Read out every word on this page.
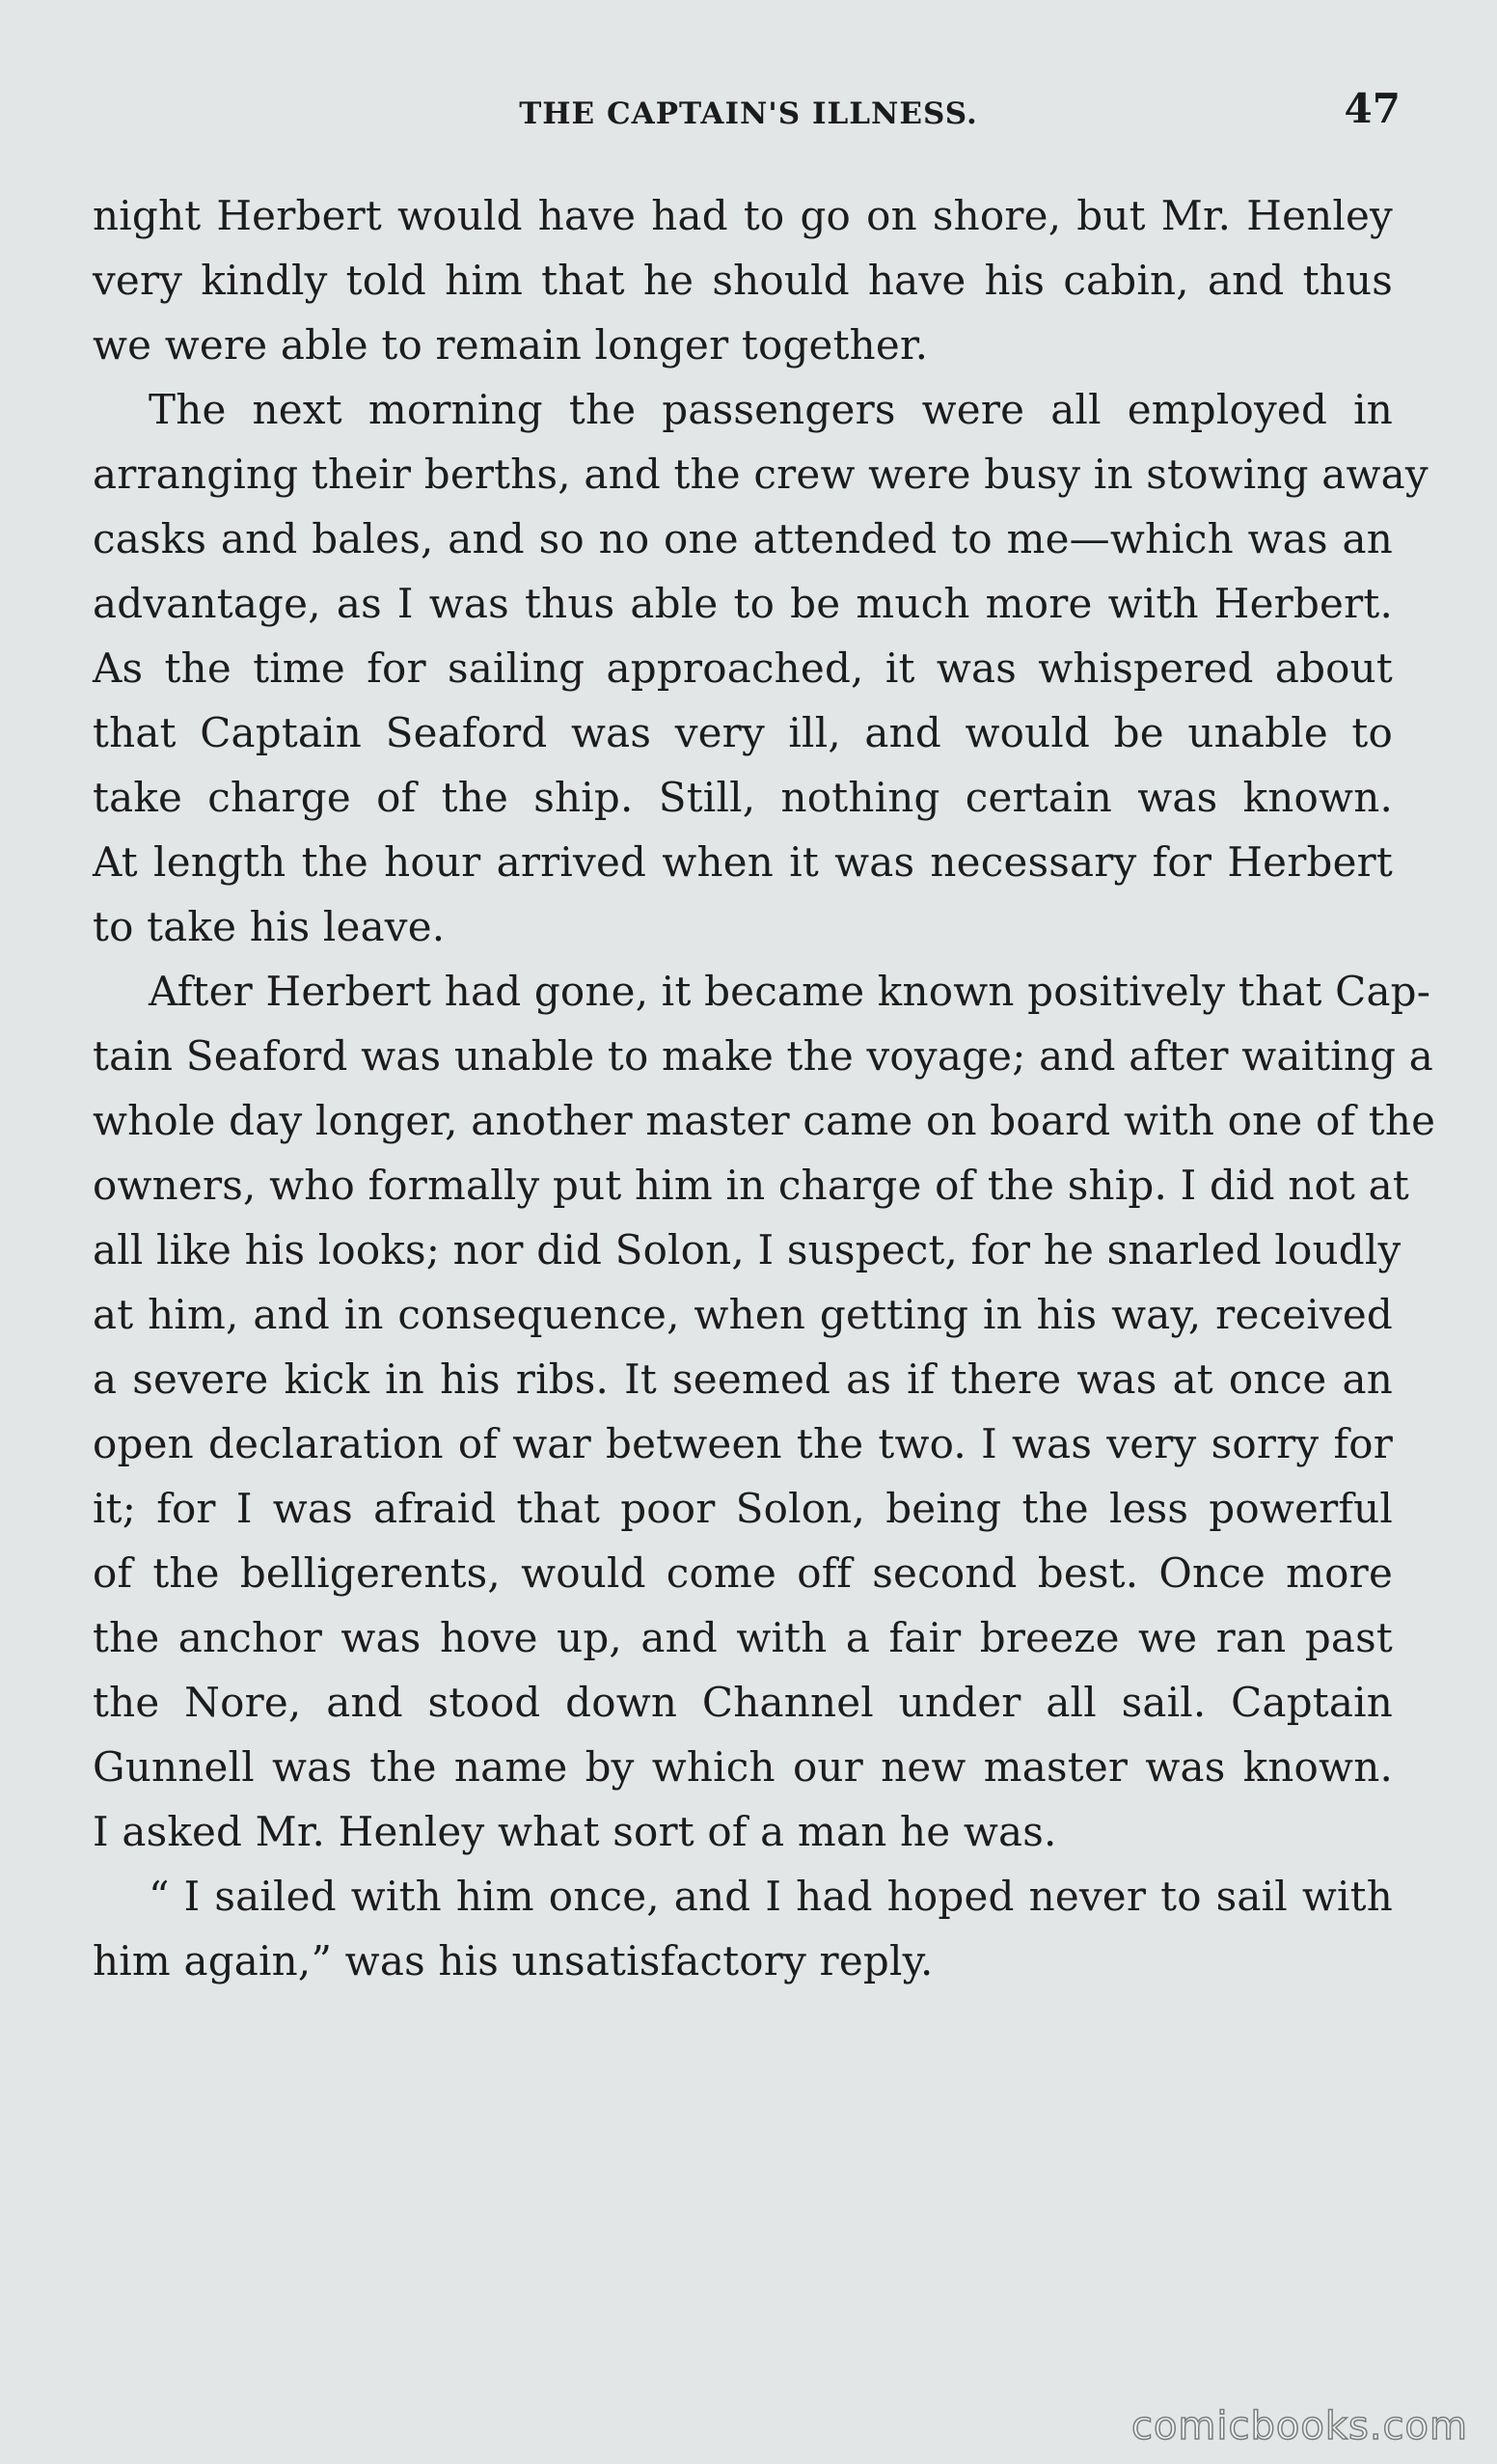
THE CAPTAIN'S ILLNESS.	47
night Herbert would have had to go on shore, but Mr. Henley
very kindly told him that he should have his cabin, and thus
we were able to remain longer together.
The next morning the passengers were all employed in
arranging their berths, and the crew were busy in stowing away
casks and bales, and so no one attended to me—which was an
advantage, as I was thus able to be much more with Herbert.
As the time for sailing approached, it was whispered about
that Captain Seaford was very ill, and would be unable to
take charge of the ship. Still, nothing certain was known.
At length the hour arrived when it was necessary for Herbert
to take his leave.
After Herbert had gone, it became known positively that Cap-
tain Seaford was unable to make the voyage; and after waiting a
whole day longer, another master came on board with one of the
owners, who formally put him in charge of the ship. I did not at
all like his looks; nor did Solon, I suspect, for he snarled loudly
at him, and in consequence, when getting in his way, received
a severe kick in his ribs. It seemed as if there was at once an
open declaration of war between the two. I was very sorry for
it; for I was afraid that poor Solon, being the less powerful
of the belligerents, would come off second best. Once more
the anchor was hove up, and with a fair breeze we ran past
the Nore, and stood down Channel under all sail. Captain
Gunnell was the name by which our new master was known.
I asked Mr. Henley what sort of a man he was.
“ I sailed with him once, and I had hoped never to sail with
him again,” was his unsatisfactory reply.
comicbooks.com
